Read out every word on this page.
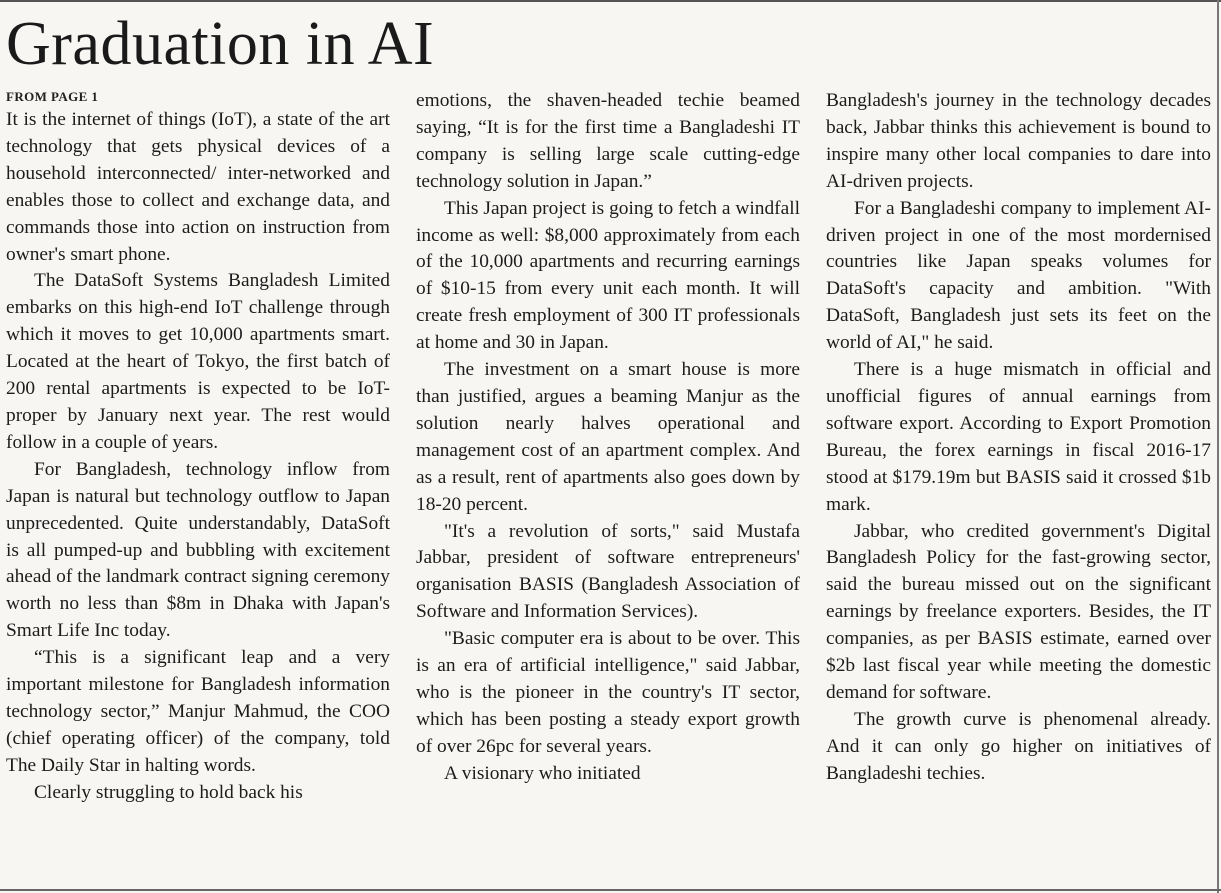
Graduation in AI
FROM PAGE 1

It is the internet of things (IoT), a state of the art technology that gets physical devices of a household interconnected/ inter-networked and enables those to collect and exchange data, and commands those into action on instruction from owner's smart phone.

The DataSoft Systems Bangladesh Limited embarks on this high-end IoT challenge through which it moves to get 10,000 apartments smart. Located at the heart of Tokyo, the first batch of 200 rental apartments is expected to be IoT-proper by January next year. The rest would follow in a couple of years.

For Bangladesh, technology inflow from Japan is natural but technology outflow to Japan unprecedented. Quite understandably, DataSoft is all pumped-up and bubbling with excitement ahead of the landmark contract signing ceremony worth no less than $8m in Dhaka with Japan's Smart Life Inc today.

“This is a significant leap and a very important milestone for Bangladesh information technology sector,” Manjur Mahmud, the COO (chief operating officer) of the company, told The Daily Star in halting words.

Clearly struggling to hold back his

emotions, the shaven-headed techie beamed saying, “It is for the first time a Bangladeshi IT company is selling large scale cutting-edge technology solution in Japan.”

This Japan project is going to fetch a windfall income as well: $8,000 approximately from each of the 10,000 apartments and recurring earnings of $10-15 from every unit each month. It will create fresh employment of 300 IT professionals at home and 30 in Japan.

The investment on a smart house is more than justified, argues a beaming Manjur as the solution nearly halves operational and management cost of an apartment complex. And as a result, rent of apartments also goes down by 18-20 percent.

"It's a revolution of sorts," said Mustafa Jabbar, president of software entrepreneurs' organisation BASIS (Bangladesh Association of Software and Information Services).

"Basic computer era is about to be over. This is an era of artificial intelligence," said Jabbar, who is the pioneer in the country's IT sector, which has been posting a steady export growth of over 26pc for several years.

A visionary who initiated

Bangladesh's journey in the technology decades back, Jabbar thinks this achievement is bound to inspire many other local companies to dare into AI-driven projects.

For a Bangladeshi company to implement AI-driven project in one of the most mordernised countries like Japan speaks volumes for DataSoft's capacity and ambition. "With DataSoft, Bangladesh just sets its feet on the world of AI," he said.

There is a huge mismatch in official and unofficial figures of annual earnings from software export. According to Export Promotion Bureau, the forex earnings in fiscal 2016-17 stood at $179.19m but BASIS said it crossed $1b mark.

Jabbar, who credited government's Digital Bangladesh Policy for the fast-growing sector, said the bureau missed out on the significant earnings by freelance exporters. Besides, the IT companies, as per BASIS estimate, earned over $2b last fiscal year while meeting the domestic demand for software.

The growth curve is phenomenal already. And it can only go higher on initiatives of Bangladeshi techies.
